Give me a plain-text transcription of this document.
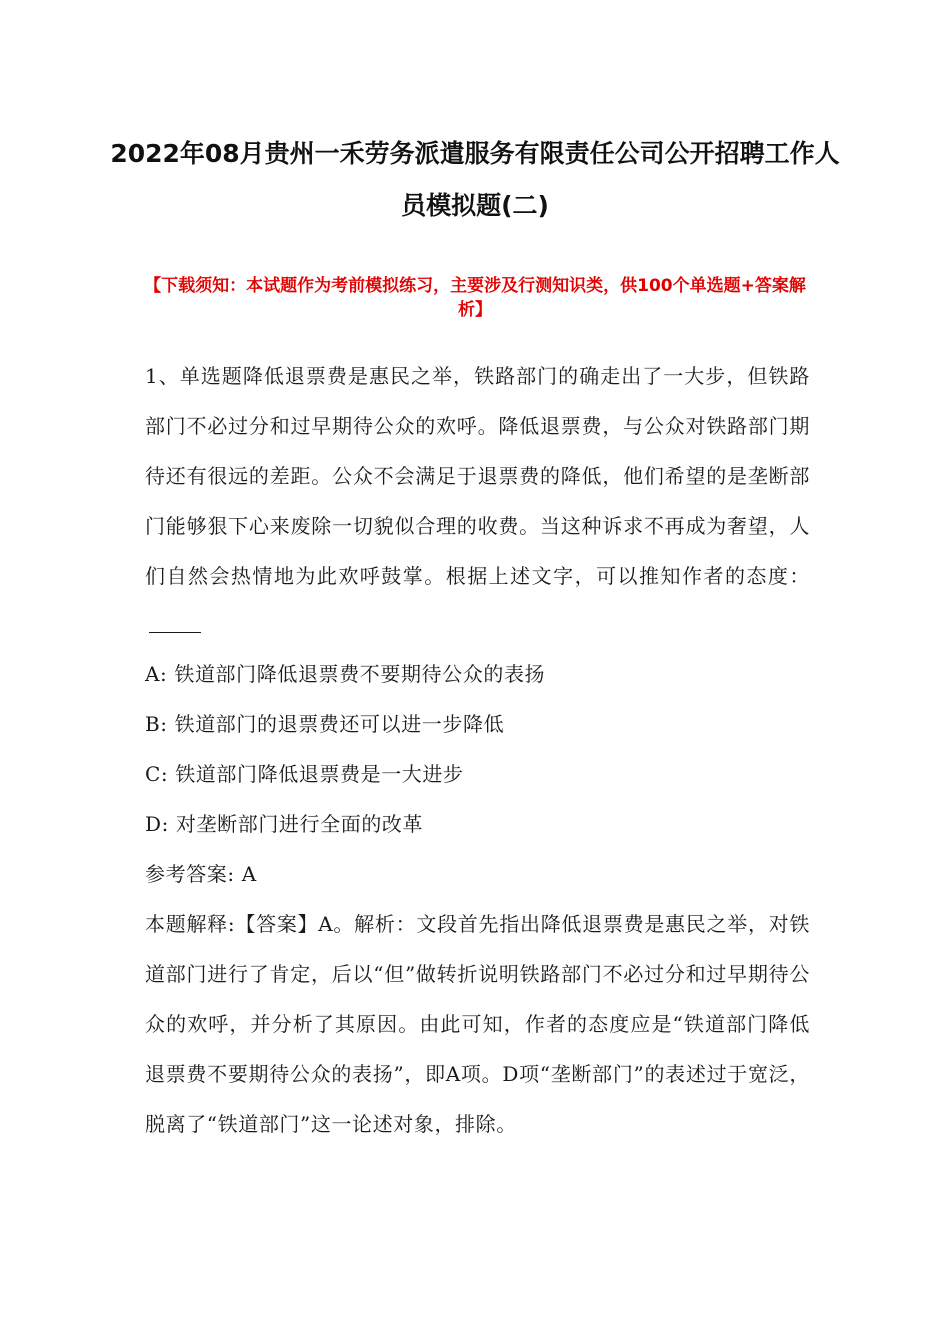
2022年08月贵州一禾劳务派遣服务有限责任公司公开招聘工作人员模拟题(二)

【下载须知：本试题作为考前模拟练习，主要涉及行测知识类，供100个单选题+答案解析】

1、单选题降低退票费是惠民之举，铁路部门的确走出了一大步，但铁路部门不必过分和过早期待公众的欢呼。降低退票费，与公众对铁路部门期待还有很远的差距。公众不会满足于退票费的降低，他们希望的是垄断部门能够狠下心来废除一切貌似合理的收费。当这种诉求不再成为奢望，人们自然会热情地为此欢呼鼓掌。根据上述文字，可以推知作者的态度：

A: 铁道部门降低退票费不要期待公众的表扬

B: 铁道部门的退票费还可以进一步降低

C: 铁道部门降低退票费是一大进步

D: 对垄断部门进行全面的改革

参考答案: A

本题解释:【答案】A。解析：文段首先指出降低退票费是惠民之举，对铁道部门进行了肯定，后以“但”做转折说明铁路部门不必过分和过早期待公众的欢呼，并分析了其原因。由此可知，作者的态度应是“铁道部门降低退票费不要期待公众的表扬”，即A项。D项“垄断部门”的表述过于宽泛，脱离了“铁道部门”这一论述对象，排除。
